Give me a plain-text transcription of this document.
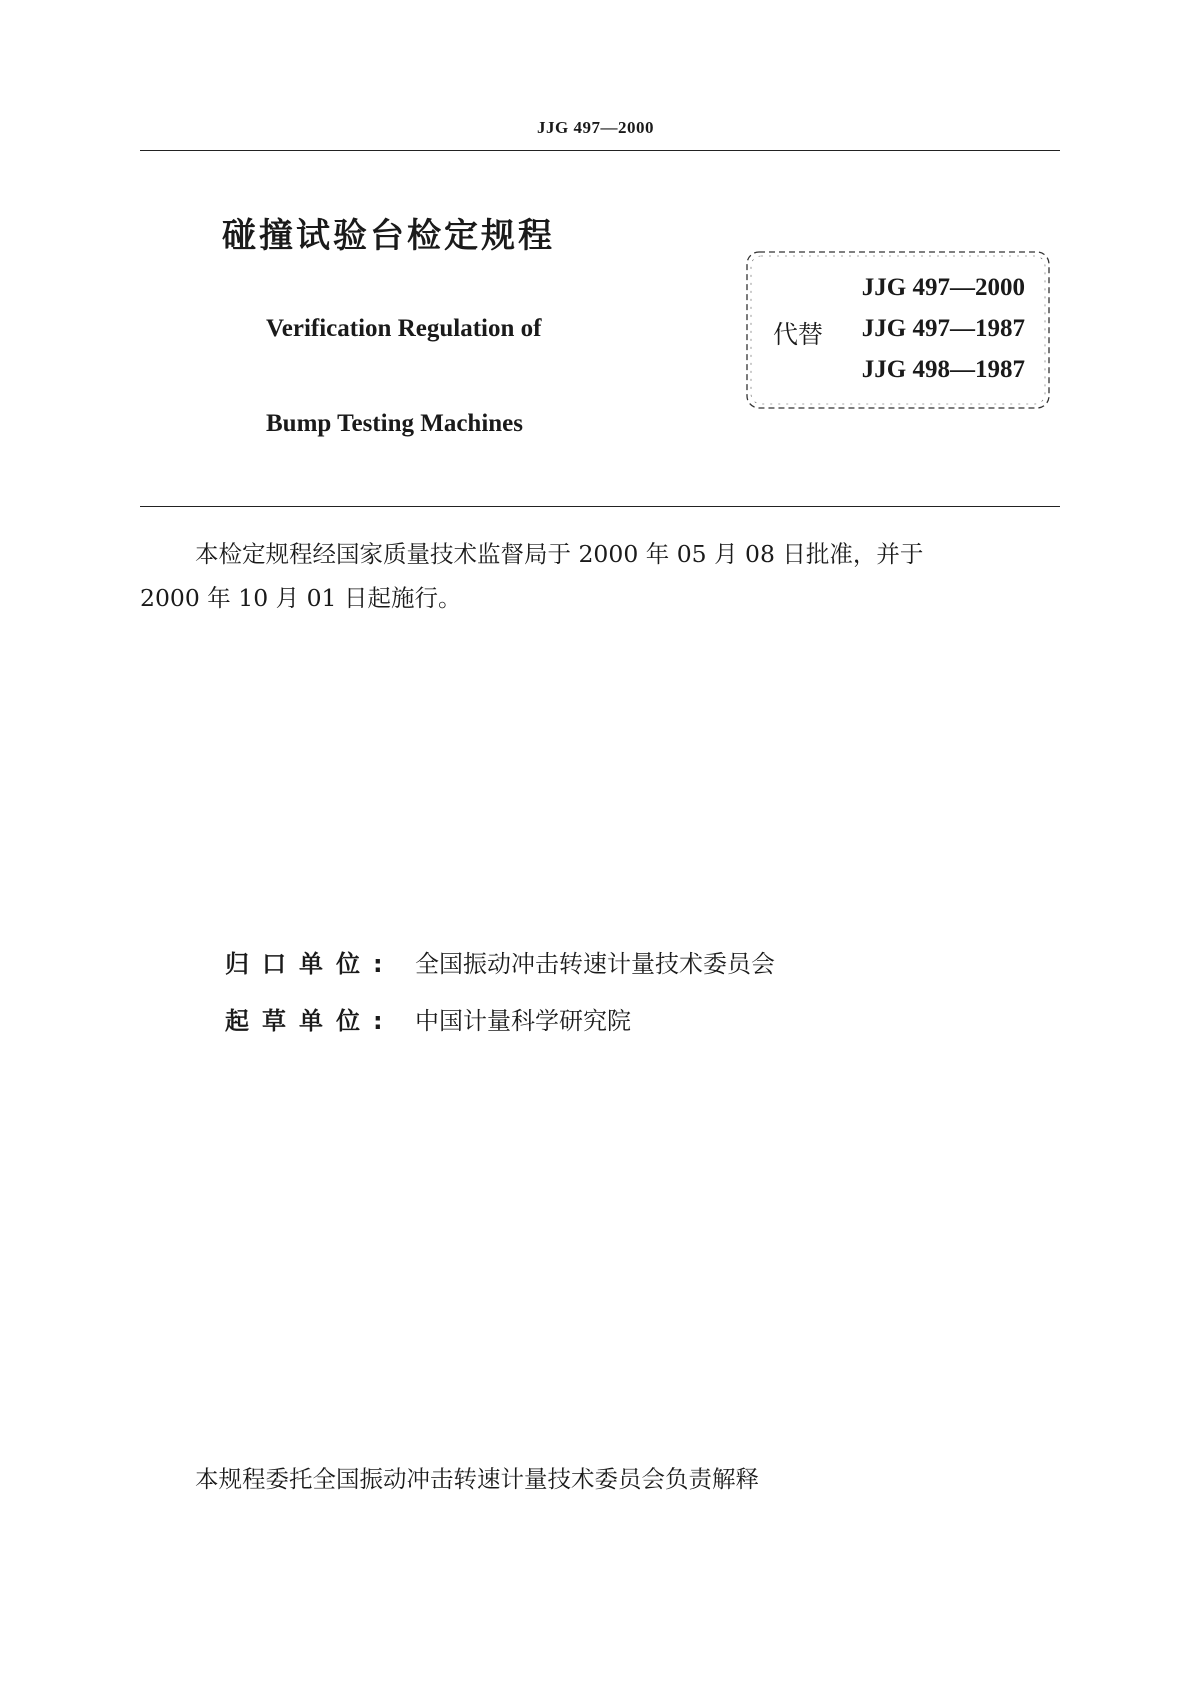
JJG 497—2000
碰撞试验台检定规程
Verification Regulation of
Bump Testing Machines
JJG 497—2000
代替 JJG 497—1987
JJG 498—1987
本检定规程经国家质量技术监督局于 2000 年 05 月 08 日批准，并于
2000 年 10 月 01 日起施行。
归口单位: 全国振动冲击转速计量技术委员会
起草单位: 中国计量科学研究院
本规程委托全国振动冲击转速计量技术委员会负责解释
